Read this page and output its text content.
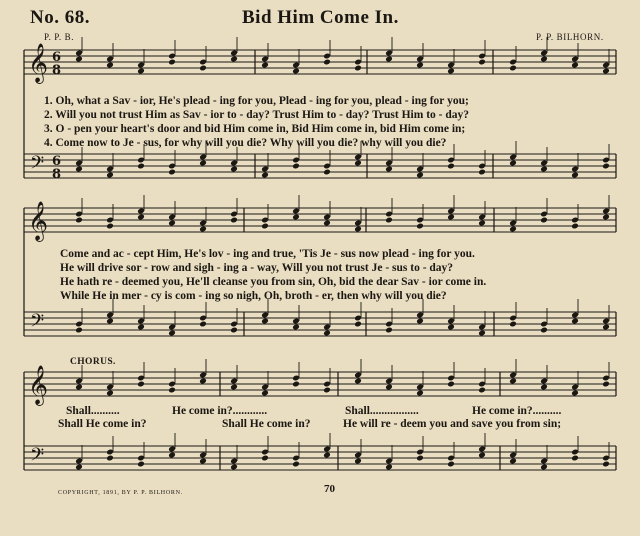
No. 68.	Bid Him Come In.
P. P. B.	P. P. BILHORN.
𝄞
𝄢
𝄞
𝄢
𝄞
𝄢
6
8
6
8
1. Oh, what a Sav - ior, He's plead - ing for you, Plead - ing for you, plead - ing for you;
2. Will you not trust Him as Sav - ior to - day? Trust Him to - day? Trust Him to - day?
3. O - pen your heart's door and bid Him come in, Bid Him come in, bid Him come in;
4. Come now to Je - sus, for why will you die? Why will you die? why will you die?
Come and ac - cept Him, He's lov - ing and true, 'Tis Je - sus now plead - ing for you.
He will drive sor - row and sigh - ing a - way, Will you not trust Je - sus to - day?
He hath re - deemed you, He'll cleanse you from sin, Oh, bid the dear Sav - ior come in.
While He in mer - cy is com - ing so nigh, Oh, broth - er, then why will you die?
CHORUS.
Shall..........	He come in?............	Shall.................	He come in?..........
Shall He come in?	Shall He come in?	He will re - deem you and save you from sin;
COPYRIGHT, 1891, BY P. P. BILHORN.	70
